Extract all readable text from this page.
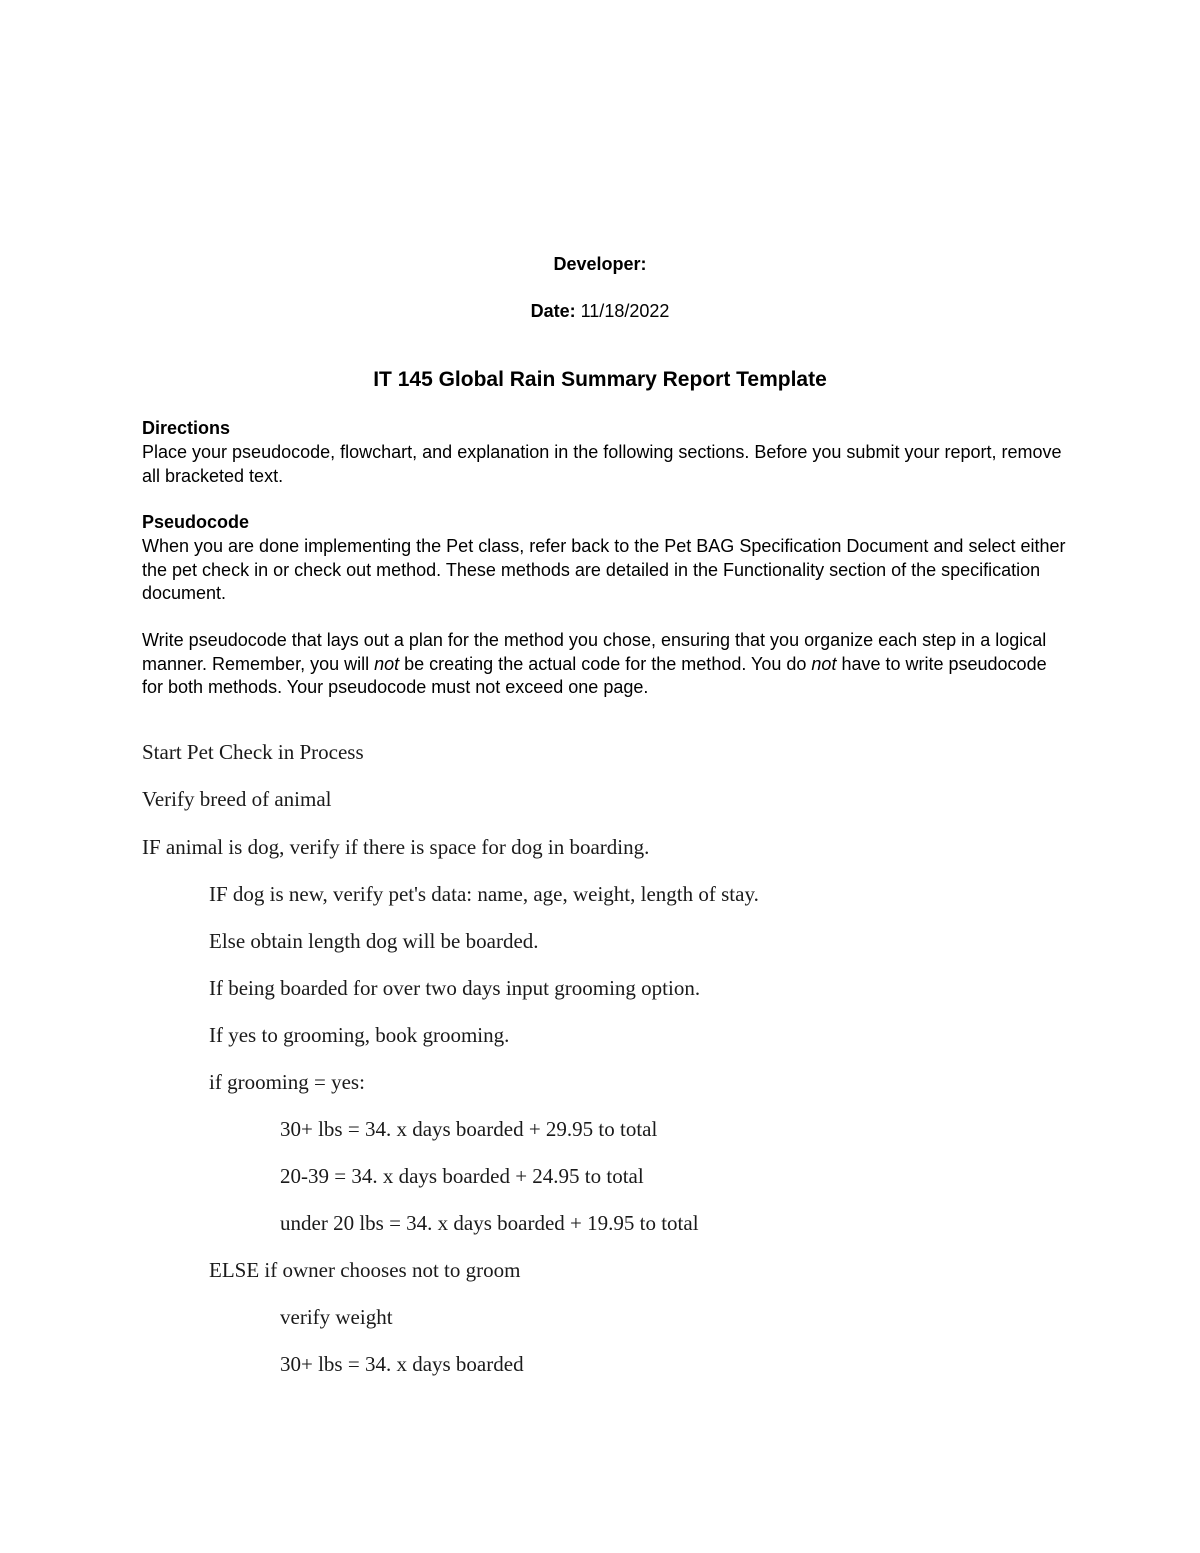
Developer:

Date: 11/18/2022

IT 145 Global Rain Summary Report Template

Directions

Place your pseudocode, flowchart, and explanation in the following sections. Before you submit your report, remove all bracketed text.

Pseudocode

When you are done implementing the Pet class, refer back to the Pet BAG Specification Document and select either the pet check in or check out method. These methods are detailed in the Functionality section of the specification document.

Write pseudocode that lays out a plan for the method you chose, ensuring that you organize each step in a logical manner. Remember, you will not be creating the actual code for the method. You do not have to write pseudocode for both methods. Your pseudocode must not exceed one page.

Start Pet Check in Process

Verify breed of animal

IF animal is dog, verify if there is space for dog in boarding.

IF dog is new, verify pet's data: name, age, weight, length of stay.

Else obtain length dog will be boarded.

If being boarded for over two days input grooming option.

If yes to grooming, book grooming.

if grooming = yes:

30+ lbs = 34. x days boarded + 29.95 to total

20-39 = 34. x days boarded + 24.95 to total

under 20 lbs = 34. x days boarded + 19.95 to total

ELSE if owner chooses not to groom

verify weight

30+ lbs = 34. x days boarded
